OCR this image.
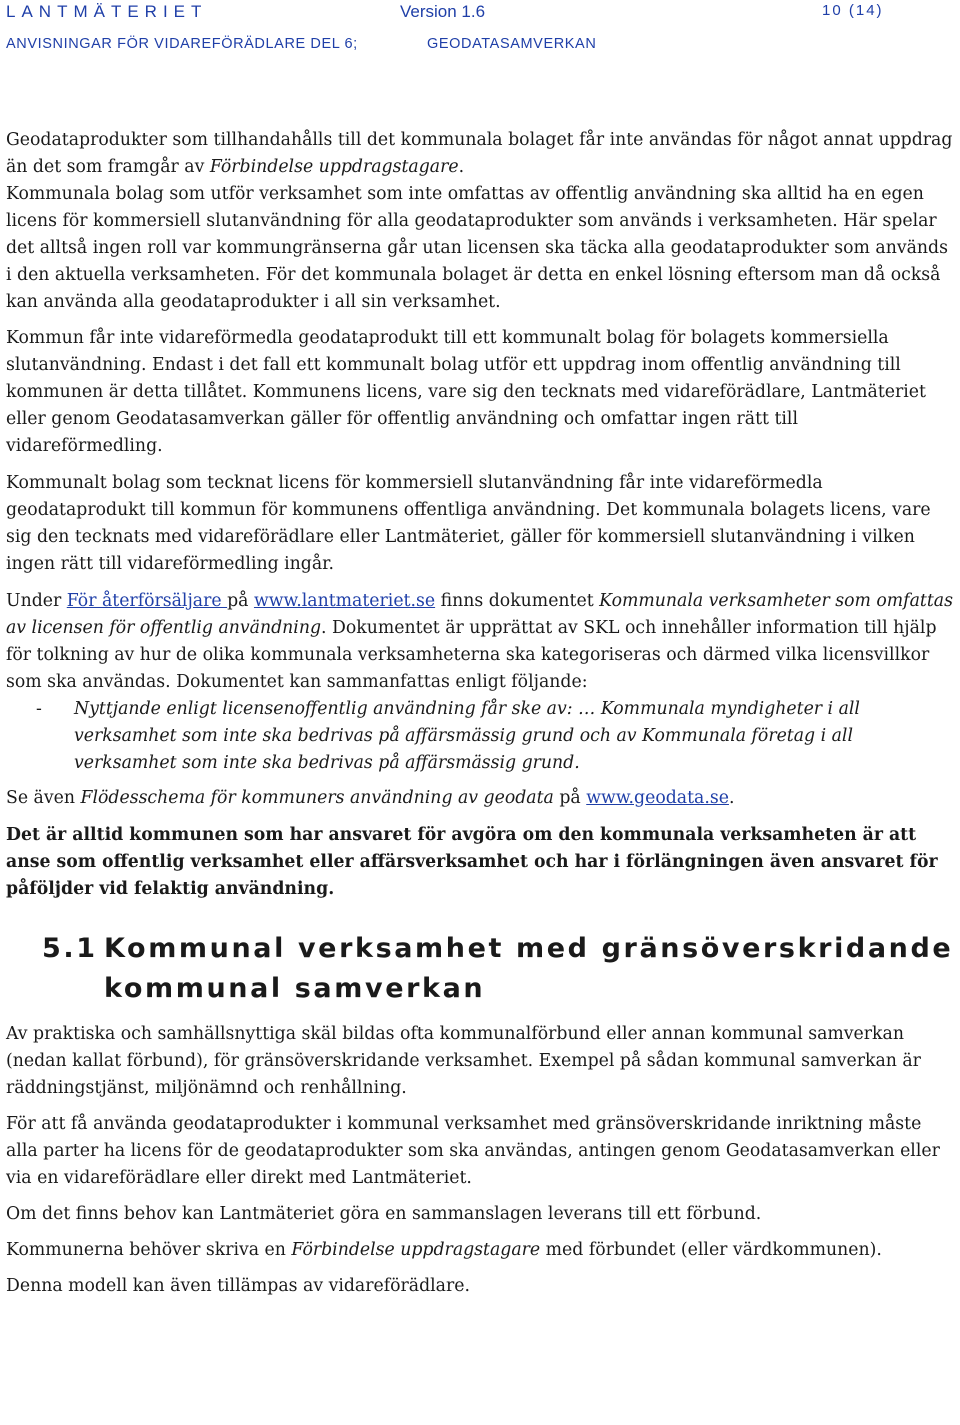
LANTMÄTERIET	Version 1.6	10 (14)
ANVISNINGAR FÖR VIDAREFÖRÄDLARE DEL 6;	GEODATASAMVERKAN

Geodataprodukter som tillhandahålls till det kommunala bolaget får inte användas för något annat uppdrag än det som framgår av Förbindelse uppdragstagare.

Kommunala bolag som utför verksamhet som inte omfattas av offentlig användning ska alltid ha en egen licens för kommersiell slutanvändning för alla geodataprodukter som används i verksamheten. Här spelar det alltså ingen roll var kommungränserna går utan licensen ska täcka alla geodataprodukter som används i den aktuella verksamheten. För det kommunala bolaget är detta en enkel lösning eftersom man då också kan använda alla geodataprodukter i all sin verksamhet.

Kommun får inte vidareförmedla geodataprodukt till ett kommunalt bolag för bolagets kommersiella slutanvändning. Endast i det fall ett kommunalt bolag utför ett uppdrag inom offentlig användning till kommunen är detta tillåtet. Kommunens licens, vare sig den tecknats med vidareförädlare, Lantmäteriet eller genom Geodatasamverkan gäller för offentlig användning och omfattar ingen rätt till vidareförmedling.

Kommunalt bolag som tecknat licens för kommersiell slutanvändning får inte vidareförmedla geodataprodukt till kommun för kommunens offentliga användning. Det kommunala bolagets licens, vare sig den tecknats med vidareförädlare eller Lantmäteriet, gäller för kommersiell slutanvändning i vilken ingen rätt till vidareförmedling ingår.

Under För återförsäljare på www.lantmateriet.se finns dokumentet Kommunala verksamheter som omfattas av licensen för offentlig användning. Dokumentet är upprättat av SKL och innehåller information till hjälp för tolkning av hur de olika kommunala verksamheterna ska kategoriseras och därmed vilka licensvillkor som ska användas. Dokumentet kan sammanfattas enligt följande:

-	Nyttjande enligt licensenoffentlig användning får ske av: … Kommunala myndigheter i all verksamhet som inte ska bedrivas på affärsmässig grund och av Kommunala företag i all verksamhet som inte ska bedrivas på affärsmässig grund.

Se även Flödesschema för kommuners användning av geodata på www.geodata.se.

Det är alltid kommunen som har ansvaret för avgöra om den kommunala verksamheten är att anse som offentlig verksamhet eller affärsverksamhet och har i förlängningen även ansvaret för påföljder vid felaktig användning.

5.1 Kommunal verksamhet med gränsöverskridande kommunal samverkan

Av praktiska och samhällsnyttiga skäl bildas ofta kommunalförbund eller annan kommunal samverkan (nedan kallat förbund), för gränsöverskridande verksamhet. Exempel på sådan kommunal samverkan är räddningstjänst, miljönämnd och renhållning.

För att få använda geodataprodukter i kommunal verksamhet med gränsöverskridande inriktning måste alla parter ha licens för de geodataprodukter som ska användas, antingen genom Geodatasamverkan eller via en vidareförädlare eller direkt med Lantmäteriet.

Om det finns behov kan Lantmäteriet göra en sammanslagen leverans till ett förbund.

Kommunerna behöver skriva en Förbindelse uppdragstagare med förbundet (eller värdkommunen).

Denna modell kan även tillämpas av vidareförädlare.
